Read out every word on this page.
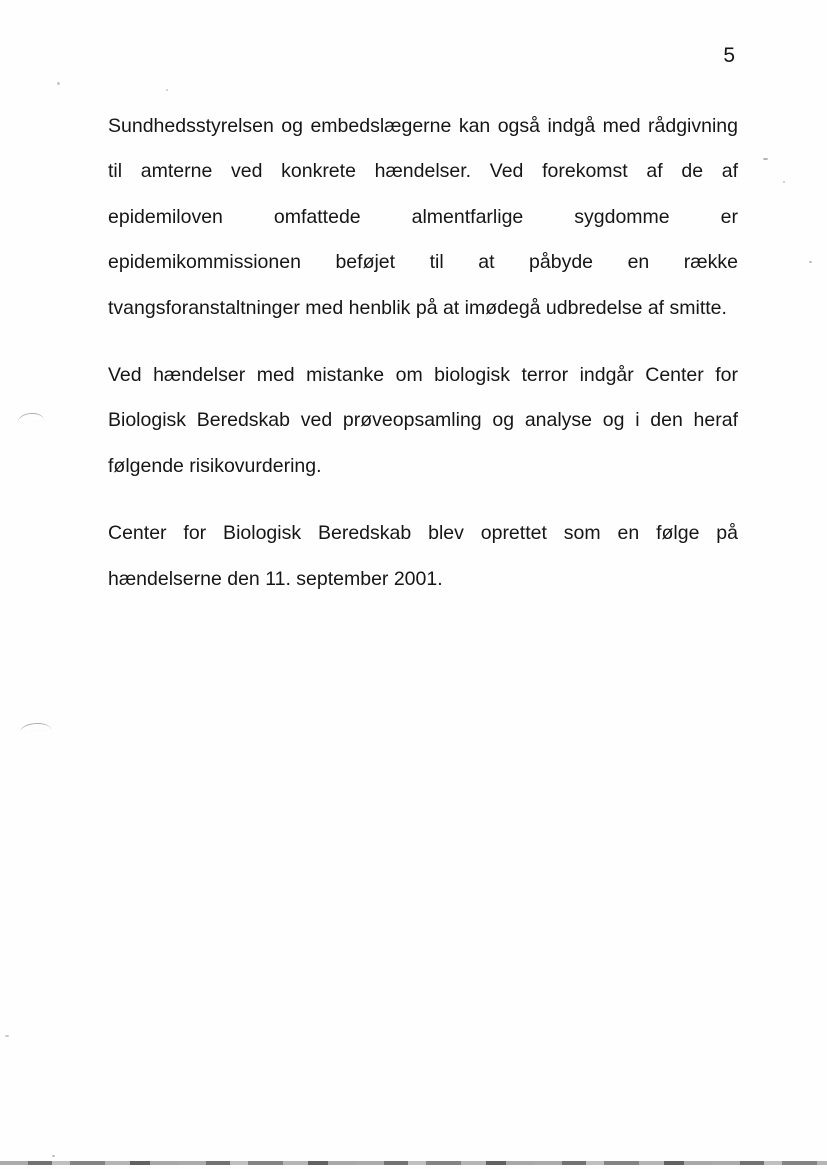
5

Sundhedsstyrelsen og embedslægerne kan også indgå med rådgivning
til amterne ved konkrete hændelser. Ved forekomst af de af
epidemiloven omfattede almentfarlige sygdomme er
epidemikommissionen beføjet til at påbyde en række
tvangsforanstaltninger med henblik på at imødegå udbredelse af smitte.

Ved hændelser med mistanke om biologisk terror indgår Center for
Biologisk Beredskab ved prøveopsamling og analyse og i den heraf
følgende risikovurdering.

Center for Biologisk Beredskab blev oprettet som en følge på
hændelserne den 11. september 2001.
